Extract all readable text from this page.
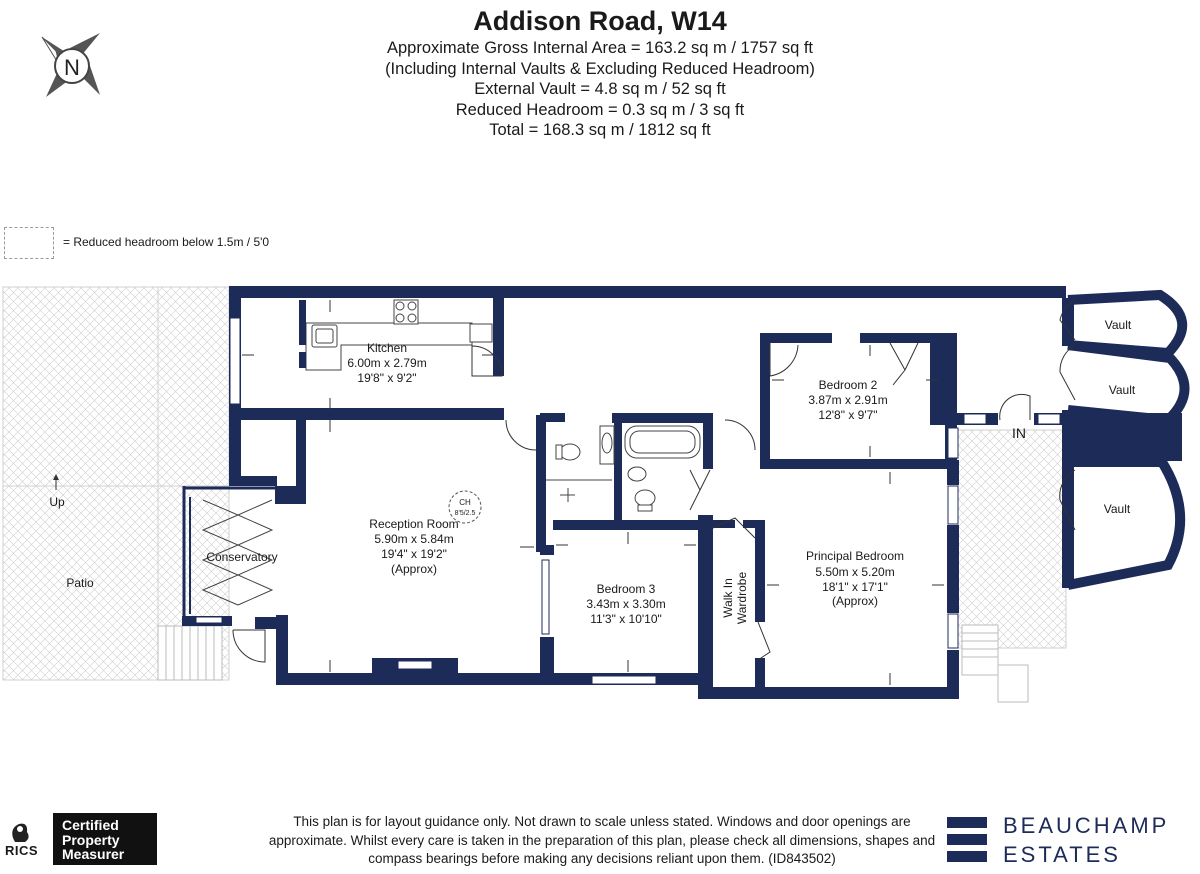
Addison Road, W14
Approximate Gross Internal Area = 163.2 sq m / 1757 sq ft
(Including Internal Vaults & Excluding Reduced Headroom)
External Vault = 4.8 sq m / 52 sq ft
Reduced Headroom = 0.3 sq m / 3 sq ft
Total = 168.3 sq m / 1812 sq ft
= Reduced headroom below 1.5m / 5'0
N
CH
8'5/2.5
Kitchen
6.00m x 2.79m
19'8" x 9'2"
Reception Room
5.90m x 5.84m
19'4" x 19'2"
(Approx)
Bedroom 2
3.87m x 2.91m
12'8" x 9'7"
Bedroom 3
3.43m x 3.30m
11'3" x 10'10"
Principal Bedroom
5.50m x 5.20m
18'1" x 17'1"
(Approx)
Conservatory
Patio
Up
Vault
Vault
Vault
IN
Walk In Wardrobe
This plan is for layout guidance only. Not drawn to scale unless stated. Windows and door openings are approximate. Whilst every care is taken in the preparation of this plan, please check all dimensions, shapes and compass bearings before making any decisions reliant upon them. (ID843502)
RICS
Certified
Property
Measurer
BEAUCHAMP
ESTATES
